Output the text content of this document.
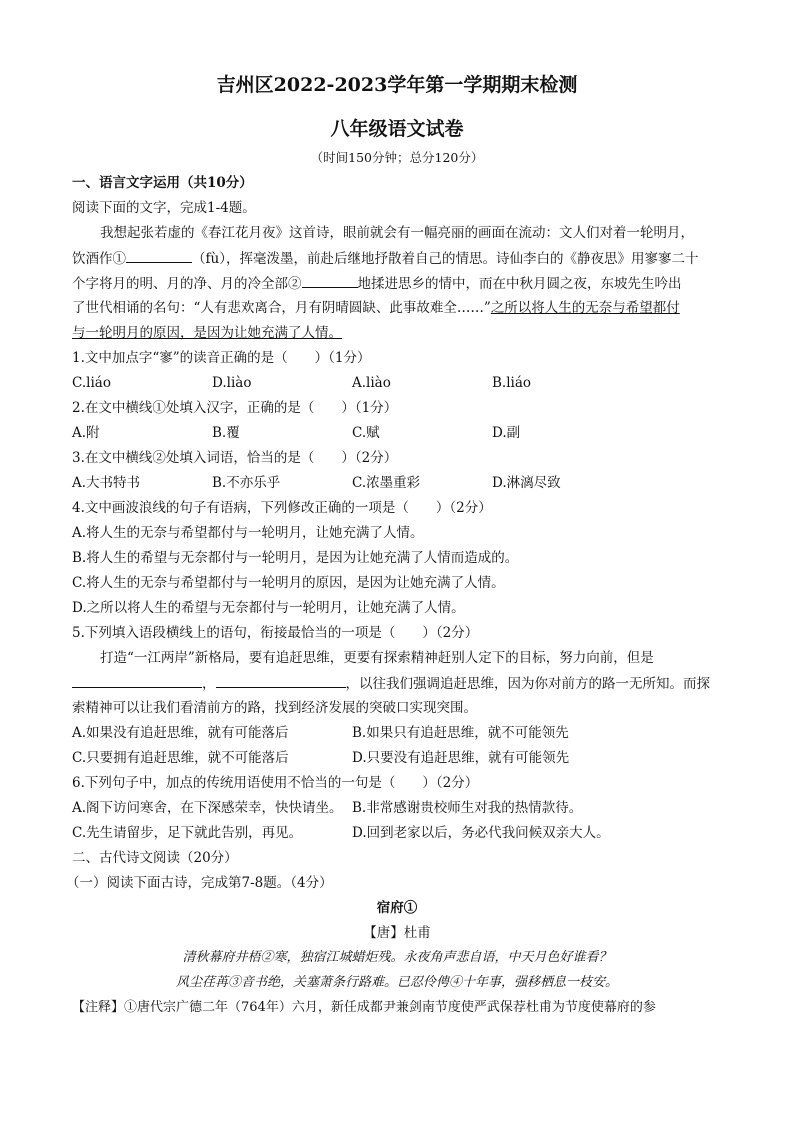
吉州区2022-2023学年第一学期期末检测
八年级语文试卷
（时间150分钟；总分120分）
一、语言文字运用（共10分）
阅读下面的文字，完成1-4题。
我想起张若虚的《春江花月夜》这首诗，眼前就会有一幅亮丽的画面在流动：文人们对着一轮明月，
饮酒作①	（fù），挥毫泼墨，前赴后继地抒散着自己的情思。诗仙李白的《静夜思》用寥寥二十
个字将月的明、月的净、月的冷全部②	地揉进思乡的情中，而在中秋月圆之夜，东坡先生吟出
了世代相诵的名句：“人有悲欢离合，月有阴晴圆缺、此事故难全……”之所以将人生的无奈与希望都付
与一轮明月的原因，是因为让她充满了人情。
1.文中加点字“寥”的读音正确的是（　　）（1分）
C.liáo	D.liào	A.liào	B.liáo
2.在文中横线①处填入汉字，正确的是（　　）（1分）
A.附	B.覆	C.赋	D.副
3.在文中横线②处填入词语，恰当的是（　　）（2分）
A.大书特书	B.不亦乐乎	C.浓墨重彩	D.淋漓尽致
4.文中画波浪线的句子有语病，下列修改正确的一项是（　　）（2分）
A.将人生的无奈与希望都付与一轮明月，让她充满了人情。
B.将人生的希望与无奈都付与一轮明月，是因为让她充满了人情而造成的。
C.将人生的无奈与希望都付与一轮明月的原因，是因为让她充满了人情。
D.之所以将人生的希望与无奈都付与一轮明月，让她充满了人情。
5.下列填入语段横线上的语句，衔接最恰当的一项是（　　）（2分）
打造“一江两岸”新格局，要有追赶思维，更要有探索精神赶别人定下的目标，努力向前，但是
，	，以往我们强调追赶思维，因为你对前方的路一无所知。而探
索精神可以让我们看清前方的路，找到经济发展的突破口实现突围。
A.如果没有追赶思维，就有可能落后	B.如果只有追赶思维，就不可能领先
C.只要拥有追赶思维，就不可能落后	D.只要没有追赶思维，就有可能领先
6.下列句子中，加点的传统用语使用不恰当的一句是（　　）（2分）
A.阁下访问寒舍，在下深感荣幸，快快请坐。 B.非常感谢贵校师生对我的热情款待。
C.先生请留步，足下就此告别，再见。	D.回到老家以后，务必代我问候双亲大人。
二、古代诗文阅读（20分）
（一）阅读下面古诗，完成第7-8题。（4分）
宿府①
【唐】杜甫
清秋幕府井梧②寒，独宿江城蜡炬残。永夜角声悲自语，中天月色好谁看？
风尘荏苒③音书绝，关塞萧条行路难。已忍伶俜④十年事，强移栖息一枝安。
【注释】①唐代宗广德二年（764年）六月，新任成都尹兼剑南节度使严武保荐杜甫为节度使幕府的参
